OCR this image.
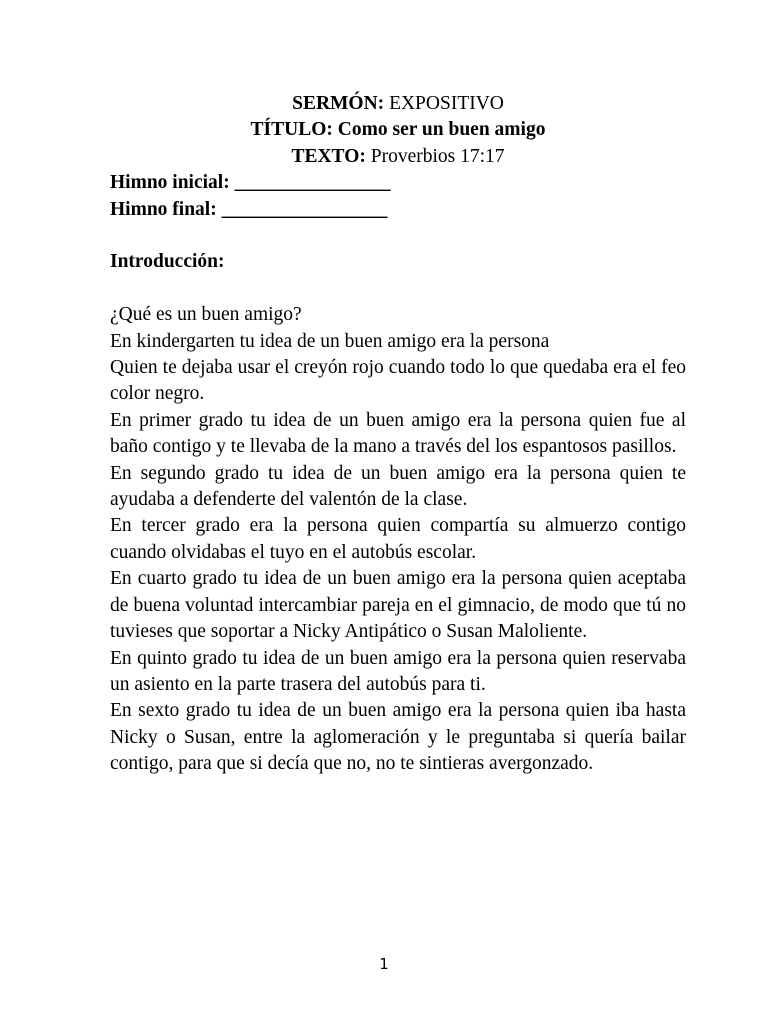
SERMÓN: EXPOSITIVO
TÍTULO: Como ser un buen amigo
TEXTO: Proverbios 17:17
Himno inicial: ________________
Himno final: _________________
Introducción:
¿Qué es un buen amigo?
En kindergarten tu idea de un buen amigo era la persona

Quien te dejaba usar el creyón rojo cuando todo lo que quedaba era el feo color negro.

En primer grado tu idea de un buen amigo era la persona quien fue al baño contigo y te llevaba de la mano a través del los espantosos pasillos.

En segundo grado tu idea de un buen amigo era la persona quien te ayudaba a defenderte del valentón de la clase.

En tercer grado era la persona quien compartía su almuerzo contigo cuando olvidabas el tuyo en el autobús escolar.

En cuarto grado tu idea de un buen amigo era la persona quien aceptaba de buena voluntad intercambiar pareja en el gimnacio, de modo que tú no tuvieses que soportar a Nicky Antipático o Susan Maloliente.

En quinto grado tu idea de un buen amigo era la persona quien reservaba un asiento en la parte trasera del autobús para ti.

En sexto grado tu idea de un buen amigo era la persona quien iba hasta Nicky o Susan, entre la aglomeración y le preguntaba si quería bailar contigo, para que si decía que no, no te sintieras avergonzado.

1
